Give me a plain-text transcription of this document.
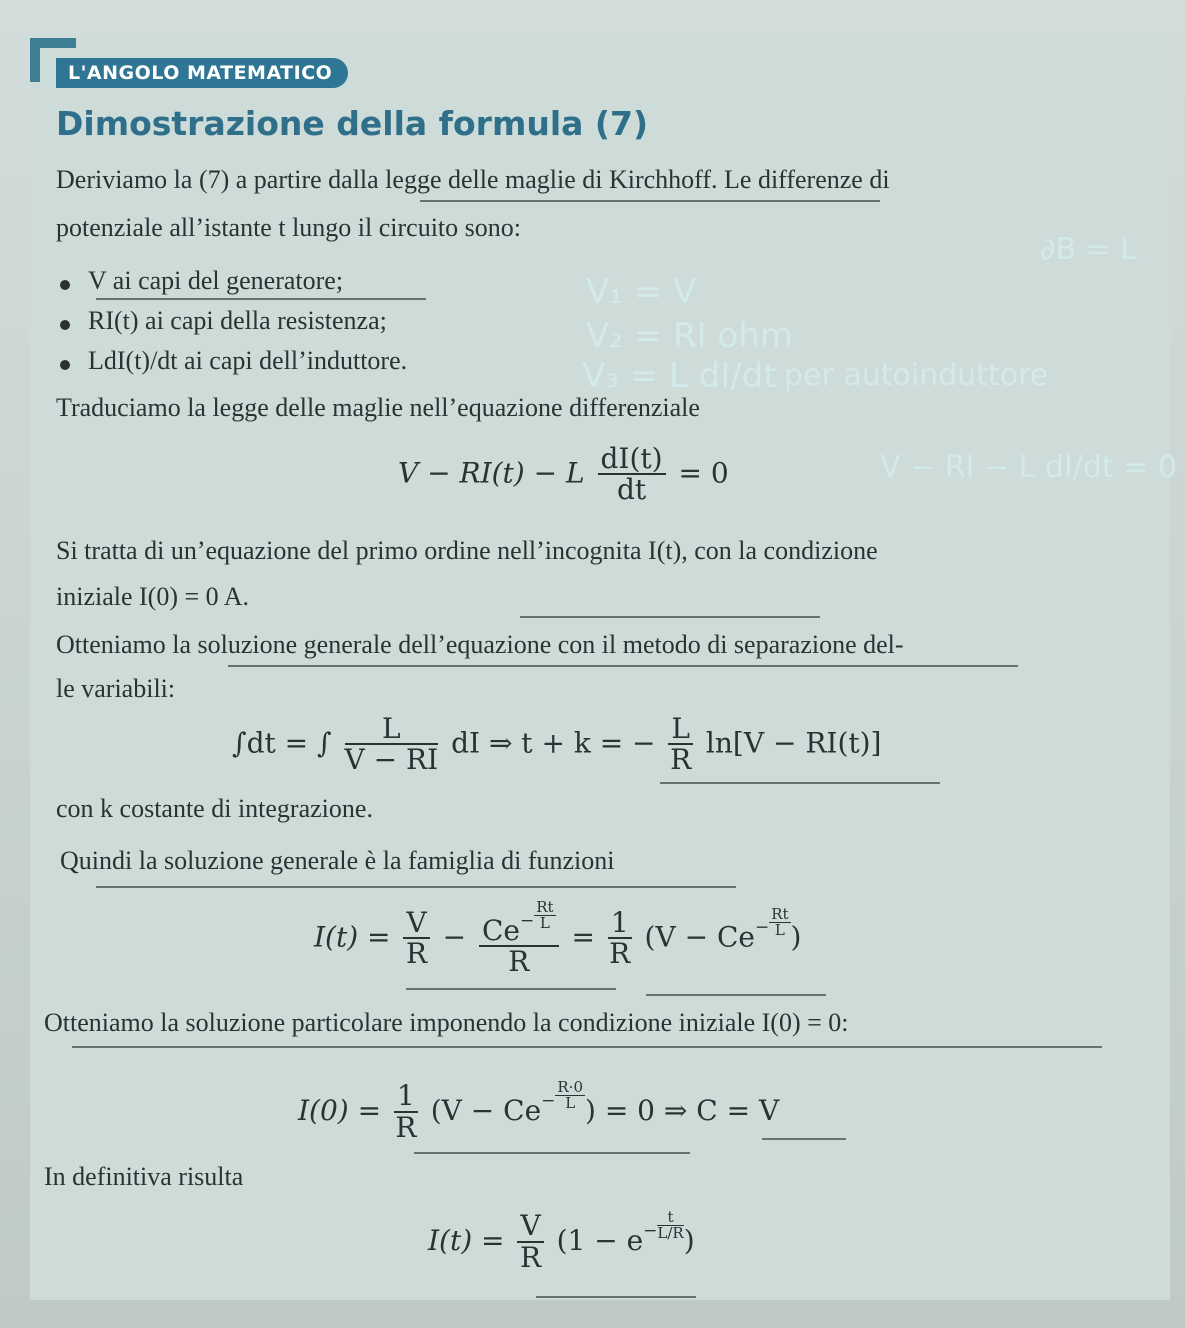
L'ANGOLO MATEMATICO
Dimostrazione della formula (7)
Deriviamo la (7) a partire dalla legge delle maglie di Kirchhoff. Le differenze di
potenziale all’istante t lungo il circuito sono:
V ai capi del generatore;
RI(t) ai capi della resistenza;
LdI(t)/dt ai capi dell’induttore.
Traduciamo la legge delle maglie nell’equazione differenziale
V − RI(t) − L $\frac{dI(t)}{dt} = 0$
Si tratta di un’equazione del primo ordine nell’incognita I(t), con la condizione
iniziale I(0) = 0 A.
Otteniamo la soluzione generale dell’equazione con il metodo di separazione del-
le variabili:
∫dt = ∫ $\frac{L}{V - RI}$ dI ⇒ t + k = − $\frac{L}{R} \ln[V - RI(t)]$
con k costante di integrazione.
Quindi la soluzione generale è la famiglia di funzioni
$I(t) = \frac{V}{R} - \frac{Ce^- \frac{Rt}{L}}{R} = \frac{1}{R} (V - Ce^- \frac{Rt}{L}$ )
Otteniamo la soluzione particolare imponendo la condizione iniziale I(0) = 0:
$I(0) = \frac{1}{R} (V - Ce^- \frac{R\cdot 0}{L}$ ) = 0 ⇒ C = V
In definitiva risulta
$I(t) = \frac{V}{R} (1 - e^- \frac{t}{L/R}$ )
∂B = L
V₁ = V
V₂ = RI ohm
V₃ = L dI/dt per autoinduttore
V − RI − L dI/dt = 0
